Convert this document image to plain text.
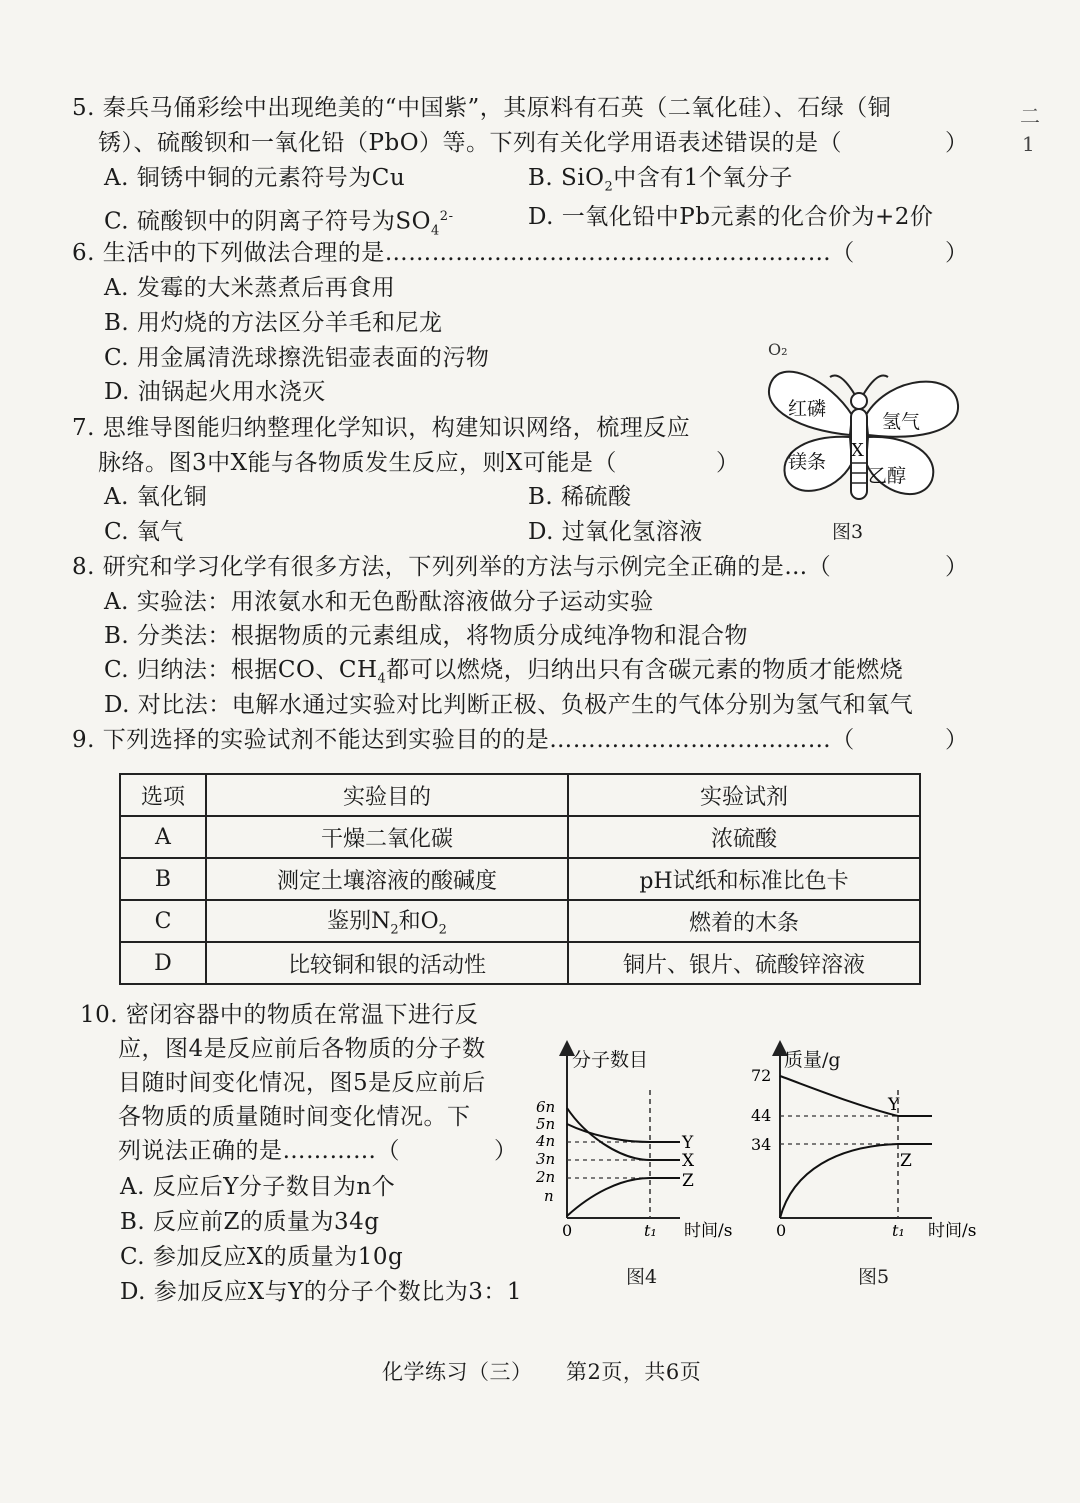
二
1
5. 秦兵马俑彩绘中出现绝美的“中国紫”，其原料有石英（二氧化硅）、石绿（铜
锈）、硫酸钡和一氧化铅（PbO）等。下列有关化学用语表述错误的是（	）
A. 铜锈中铜的元素符号为Cu	B. SiO$_2$中含有1个氧分子
C. 硫酸钡中的阴离子符号为$SO_4^{2-}$	D. 一氧化铅中Pb元素的化合价为+2价
6. 生活中的下列做法合理的是…………………………………………………（	）
A. 发霉的大米蒸煮后再食用
B. 用灼烧的方法区分羊毛和尼龙
C. 用金属清洗球擦洗铝壶表面的污物
D. 油锅起火用水浇灭
7. 思维导图能归纳整理化学知识，构建知识网络，梳理反应
脉络。图3中X能与各物质发生反应，则X可能是（	）
A. 氧化铜	B. 稀硫酸
C. 氧气	D. 过氧化氢溶液
O₂
X
红磷
氢气
镁条
乙醇
图3
8. 研究和学习化学有很多方法，下列列举的方法与示例完全正确的是…（	）
A. 实验法：用浓氨水和无色酚酞溶液做分子运动实验
B. 分类法：根据物质的元素组成，将物质分成纯净物和混合物
C. 归纳法：根据CO、$CH_4$都可以燃烧，归纳出只有含碳元素的物质才能燃烧
D. 对比法：电解水通过实验对比判断正极、负极产生的气体分别为氢气和氧气
9. 下列选择的实验试剂不能达到实验目的的是………………………………（	）
选项	实验目的	实验试剂
A	干燥二氧化碳	浓硫酸
B	测定土壤溶液的酸碱度	pH试纸和标准比色卡
C	鉴别$N_2$和$O_2$	燃着的木条
D	比较铜和银的活动性	铜片、银片、硫酸锌溶液
10. 密闭容器中的物质在常温下进行反
应，图4是反应前后各物质的分子数
目随时间变化情况，图5是反应前后
各物质的质量随时间变化情况。下
列说法正确的是…………（	）
A. 反应后Y分子数目为n个
B. 反应前Z的质量为34g
C. 参加反应X的质量为10g
D. 参加反应X与Y的分子个数比为3：1
分子数目
6n
5n
4n
3n
2n
n
Y
X
Z
0	t₁ 时间/s
图4
质量/g
72
44
34
Y
Z
0	t₁ 时间/s
图5
化学练习（三） 第2页，共6页
